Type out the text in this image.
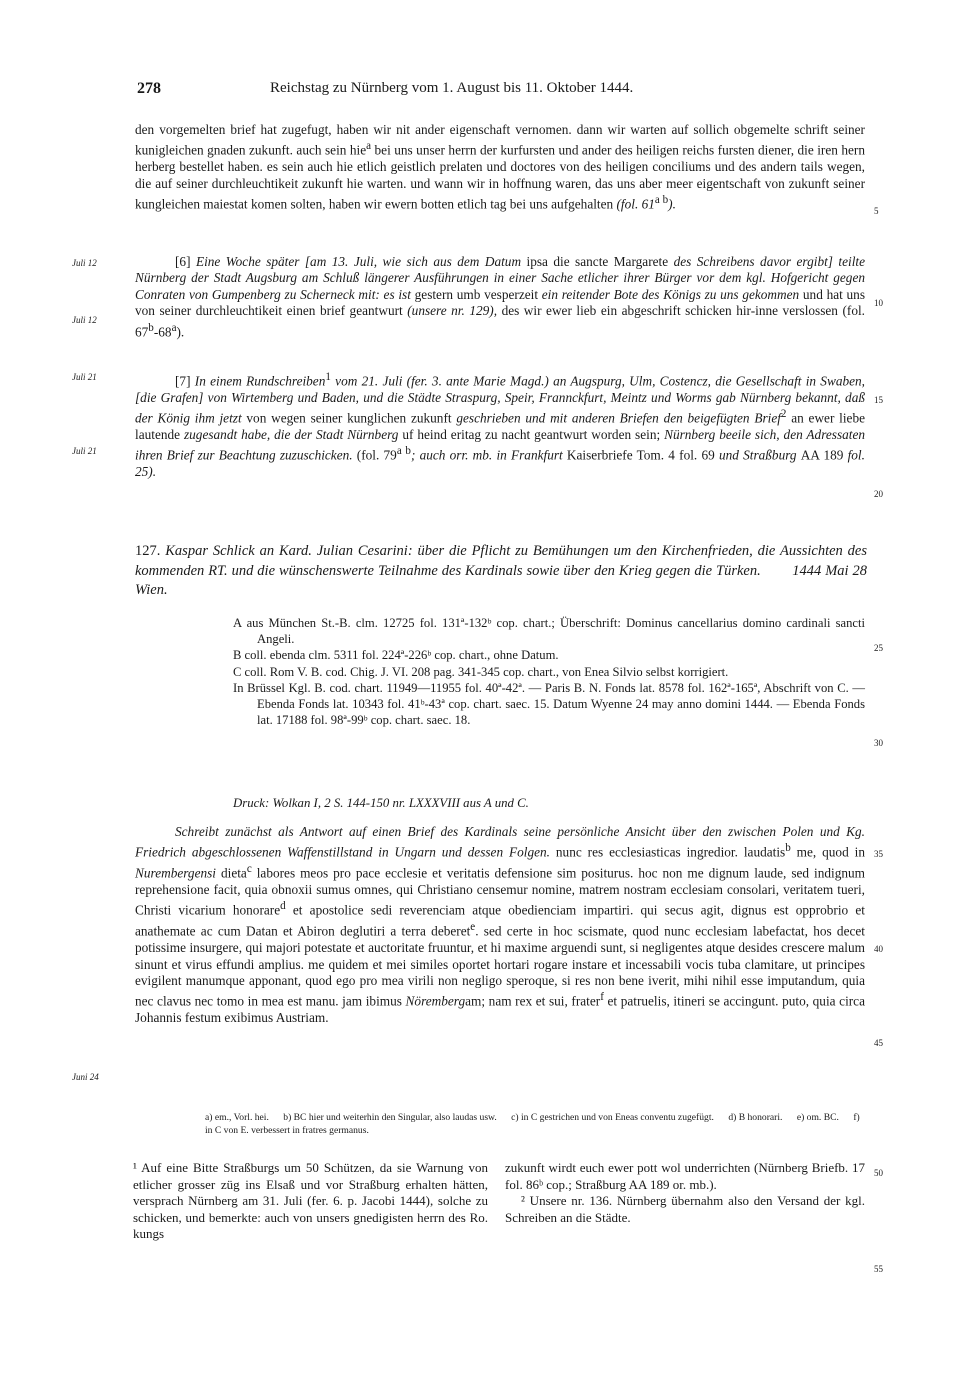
278	Reichstag zu Nürnberg vom 1. August bis 11. Oktober 1444.
Juli 12
Juli 12
Juli 21
Juli 21
Juni 24
5
10
15
20
25
30
35
40
45
50
55

den vorgemelten brief hat zugefugt, haben wir nit ander eigenschaft vernomen. dann wir warten auf sollich obgemelte schrift seiner kunigleichen gnaden zukunft. auch sein hie$^a$ bei uns unser herrn der kurfursten und ander des heiligen reichs fursten diener, die iren hern herberg bestellet haben. es sein auch hie etlich geistlich prelaten und doctores von des heiligen conciliums und des andern tails wegen, die auf seiner durchleuchtikeit zukunft hie warten. und wann wir in hoffnung waren, das uns aber meer eigentschaft von zukunft seiner kungleichen maiestat komen solten, haben wir ewern botten etlich tag bei uns aufgehalten (fol. $61^{a b}$).

[6] Eine Woche später [am 13. Juli, wie sich aus dem Datum ipsa die sancte Margarete des Schreibens davor ergibt] teilte Nürnberg der Stadt Augsburg am Schluß längerer Ausführungen in einer Sache etlicher ihrer Bürger vor dem kgl. Hofgericht gegen Conraten von Gumpenberg zu Scherneck mit: es ist gestern umb vesperzeit ein reitender Bote des Königs zu uns gekommen und hat uns von seiner durchleuchtikeit einen brief geantwurt (unsere nr. 129), des wir ewer lieb ein abgeschrift schicken hir-inne verslossen (fol. 67$^b$-68$^a$).

[7] In einem Rundschreiben$^1$ vom 21. Juli (fer. 3. ante Marie Magd.) an Augspurg, Ulm, Costencz, die Gesellschaft in Swaben, [die Grafen] von Wirtemberg und Baden, und die Städte Straspurg, Speir, Frannckfurt, Meintz und Worms gab Nürnberg bekannt, daß der König ihm jetzt von wegen seiner kunglichen zukunft geschrieben und mit anderen Briefen den beigefügten Brief$^2$ an ewer liebe lautende zugesandt habe, die der Stadt Nürnberg uf heind eritag zu nacht geantwurt worden sein; Nürnberg beeile sich, den Adressaten ihren Brief zur Beachtung zuzuschicken. (fol. $79^{a b}$; auch orr. mb. in Frankfurt Kaiserbriefe Tom. 4 fol. 69 und Straßburg AA 189 fol. 25).

127. Kaspar Schlick an Kard. Julian Cesarini: über die Pflicht zu Bemühungen um den Kirchenfrieden, die Aussichten des kommenden RT. und die wünschenswerte Teilnahme des Kardinals sowie über den Krieg gegen die Türken. 1444 Mai 28 Wien.

A aus München St.-B. clm. 12725 fol. 131ª-132ᵇ cop. chart.; Überschrift: Dominus cancellarius domino cardinali sancti Angeli.

B coll. ebenda clm. 5311 fol. 224ª-226ᵇ cop. chart., ohne Datum.

C coll. Rom V. B. cod. Chig. J. VI. 208 pag. 341-345 cop. chart., von Enea Silvio selbst korrigiert.

In Brüssel Kgl. B. cod. chart. 11949—11955 fol. 40ª-42ª. — Paris B. N. Fonds lat. 8578 fol. 162ª-165ª, Abschrift von C. — Ebenda Fonds lat. 10343 fol. 41ᵇ-43ª cop. chart. saec. 15. Datum Wyenne 24 may anno domini 1444. — Ebenda Fonds lat. 17188 fol. 98ª-99ᵇ cop. chart. saec. 18.

Druck: Wolkan I, 2 S. 144-150 nr. LXXXVIII aus A und C.

Schreibt zunächst als Antwort auf einen Brief des Kardinals seine persönliche Ansicht über den zwischen Polen und Kg. Friedrich abgeschlossenen Waffenstillstand in Ungarn und dessen Folgen. nunc res ecclesiasticas ingredior. laudatis$^b$ me, quod in Nurembergensi dieta$^c$ labores meos pro pace ecclesie et veritatis defensione sim positurus. hoc non me dignum laude, sed indignum reprehensione facit, quia obnoxii sumus omnes, qui Christiano censemur nomine, matrem nostram ecclesiam consolari, veritatem tueri, Christi vicarium honorare$^d$ et apostolice sedi reverenciam atque obedienciam impartiri. qui secus agit, dignus est opprobrio et anathemate ac cum Datan et Abiron deglutiri a terra deberet$^e$. sed certe in hoc scismate, quod nunc ecclesiam labefactat, hos decet potissime insurgere, qui majori potestate et auctoritate fruuntur, et hi maxime arguendi sunt, si negligentes atque desides crescere malum sinunt et virus effundi amplius. me quidem et mei similes oportet hortari rogare instare et incessabili vocis tuba clamitare, ut principes evigilent manumque apponant, quod ego pro mea virili non negligo speroque, si res non bene iverit, mihi nihil esse imputandum, quia nec clavus nec tomo in mea est manu. jam ibimus Nörembergam; nam rex et sui, frater$^f$ et patruelis, itineri se accingunt. puto, quia circa Johannis festum exibimus Austriam.

a) em., Vorl. hei. b) BC hier und weiterhin den Singular, also laudas usw. c) in C gestrichen und von Eneas conventu zugefügt. d) B honorari. e) om. BC. f) in C von E. verbessert in fratres germanus.

¹ Auf eine Bitte Straßburgs um 50 Schützen, da sie Warnung von etlicher grosser züg ins Elsaß und vor Straßburg erhalten hätten, versprach Nürnberg am 31. Juli (fer. 6. p. Jacobi 1444), solche zu schicken, und bemerkte: auch von unsers gnedigisten herrn des Ro. kungs

zukunft wirdt euch ewer pott wol underrichten (Nürnberg Briefb. 17 fol. 86ᵇ cop.; Straßburg AA 189 or. mb.).

² Unsere nr. 136. Nürnberg übernahm also den Versand der kgl. Schreiben an die Städte.
